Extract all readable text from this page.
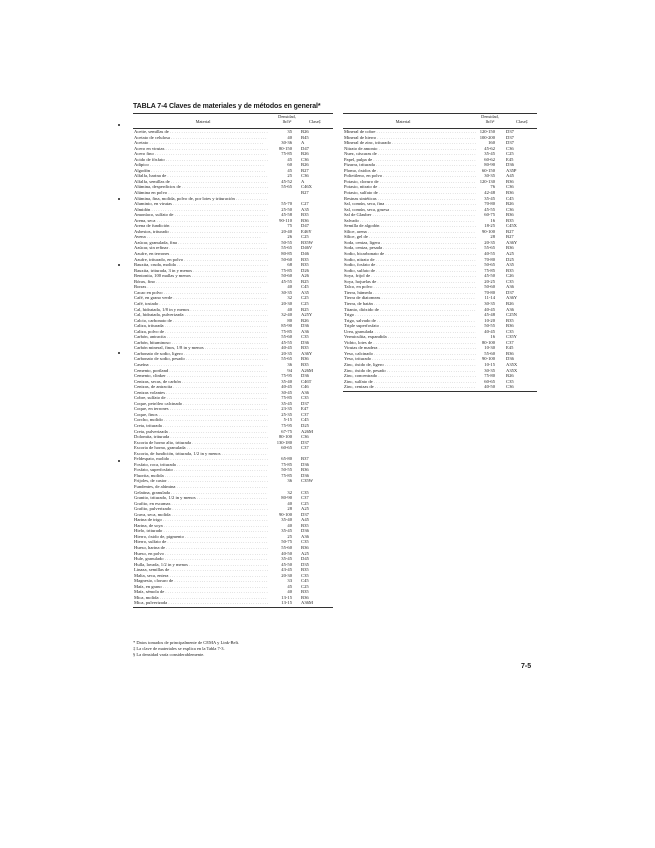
TABLA 7-4 Claves de materiales y de métodos en general*
Material
Densidad, lb/ft³	Clase‡
Aceite, semillas de . . .	35 B26
Acetato de celulosa . . .	40 B45
Acetato . . .	30-36 A
Acero en virutas . . .	80-150 D47
Acero fino . . .	75-85 B26
Acido de fósfato . . .	45 C36
Adipico . . .	60 B26
Algodón . . .	45 B27
Alfalfa, harina de . . .	25 C36
Alfalfa, semillas de . . .	45-52 A
Alúmina, desperdicios de . . .	55-65 C46X
Alúmina en polvo . . .	B27
Alúmina, fina, molida, polvo de, por lotes y trituración . . .
Aluminio, en virutas . . .	55-70 C27
Almidón . . .	25-50 A35
Amoníaco, sulfato de . . .	45-58 B35
Arena, seca . . .	90-110 B36
Arena de fundición . . .	75 D47
Asbestos, triturado . . .	20-40 E46Y
Avena . . .	26 C25
Azúcar, granulada, fina . . .	50-55 B35W
Azúcar, sin refinar . . .	55-65 D46V
Azufre, en terrones . . .	80-85 D46
Azufre, triturado, en polvo . . .	50-60 B35
Bauxita, cruda, molida . . .	68 B35
Bauxita, triturada, 3 in y menos . . .	75-85 D26
Bentonita, 100 mallas y menos . . .	50-60 A26
Bórax, fino . . .	45-55 B25
Borras . . .	40 C45
Cacao en polvo . . .	30-35 A35
Café, en grano verde . . .	32 C25
Café, tostado . . .	20-30 C25
Cal, hidratada, 1/8 in y menos . . .	40 B25
Cal, hidratada, pulverizada . . .	32-40 A25Y
Calcio, carbonato de . . .	80 B26
Caliza, triturada . . .	85-90 D36
Caliza, polvo de . . .	75-85 A36
Carbón, antracita . . .	55-60 C35
Carbón, bituminoso . . .	45-55 D36
Carbón mineral, finos, 1/8 in y menos . . .	40-45 B35
Carbonato de sodio, ligero . . .	20-35 A36Y
Carbonato de sodio, pesado . . .	55-65 B36
Caseína . . .	36 B35
Cemento, portland . . .	94 A26M
Cemento, clinker . . .	75-95 D36
Cenizas, secas, de carbón . . .	35-40 C46T
Cenizas, de antracita . . .	40-45 C46
Cenizas volantes . . .	30-45 A36
Cobre, sulfato de . . .	75-85 C35
Coque, petróleo calcinado . . .	35-45 D37
Coque, en terrones . . .	23-35 E47
Coque, finos . . .	25-35 C37
Corcho, molido . . .	5-15 C45
Creta, triturada . . .	75-95 D25
Creta, pulverizada . . .	67-75 A26M
Dolomita, triturada . . .	80-100 C36
Escoria de horno alto, triturada . . .	130-180 D37
Escoria de horno, granulada . . .	60-65 C37
Escoria, de fundición, triturada, 1/2 in y menos . . .
Feldespato, molido . . .	65-80 B37
Fosfato, roca, triturada . . .	75-85 D36
Fosfato, superfosfato . . .	50-55 B36
Fluorita, molida . . .	75-85 D36
Frijoles, de castor . . .	36 C35W
Fundentes, de alúmina . . .
Gelatina, granulada . . .	32 C35
Granito, triturado, 1/2 in y menos . . .	80-90 C37
Grafito, en escamas . . .	40 C25
Grafito, pulverizado . . .	28 A25
Grava, seca, molida . . .	90-100 D37
Harina de trigo . . .	35-40 A45
Harina, de soya . . .	40 B35
Hielo, triturado . . .	35-45 D36
Hierro, óxido de, pigmento . . .	25 A36
Hierro, sulfato de . . .	50-75 C35
Hueso, harina de . . .	55-60 B36
Hueso, en polvo . . .	40-50 A25
Hule, granulado . . .	35-45 D45
Hulla, lavada, 1/2 in y menos . . .	45-50 D35
Linaza, semillas de . . .	43-45 B35
Malta, seca, entera . . .	20-30 C35
Magnesio, cloruro de . . .	33 C45
Maíz, en grano . . .	45 C25
Maíz, sémola de . . .	40 B35
Mica, molida . . .	13-15 B36
Mica, pulverizada . . .	13-15 A36M
Material
Densidad, lb/ft³	Clase‡
Mineral de cobre . . .	120-150 D37
Mineral de hierro . . .	100-200 D37
Mineral de zinc, triturado . . .	160 D37
Nitrato de amonio . . .	45-62 C36
Nuez, cáscaras de . . .	35-45 C25
Papel, pulpa de . . .	60-62 E45
Pizarra, triturada . . .	80-90 D36
Plomo, óxidos de . . .	60-150 A35P
Polietileno, en polvo . . .	30-35 A45
Potasio, cloruro de . . .	120-130 B36
Potasio, nitrato de . . .	76 C36
Potasio, sulfato de . . .	42-48 B36
Resinas sintéticas . . .	35-45 C45
Sal, común, seca, fina . . .	70-80 B26
Sal, común, seca, gruesa . . .	45-55 C36
Sal de Glauber . . .	60-75 B36
Salvado . . .	16 B35
Semilla de algodón . . .	18-25 C45X
Sílice, arena . . .	90-100 B27
Sílice, gel de . . .	28 B27
Soda, ceniza, ligera . . .	20-35 A36Y
Soda, ceniza, pesada . . .	55-65 B36
Sodio, bicarbonato de . . .	40-55 A25
Sodio, nitrato de . . .	70-80 D25
Sodio, fosfato de . . .	50-65 A35
Sodio, sulfato de . . .	75-85 B35
Soya, frijol de . . .	45-50 C26
Soya, hojuelas de . . .	20-25 C35
Talco, en polvo . . .	50-60 A36
Tierra, húmeda . . .	70-80 D37
Tierra de diatomeas . . .	11-14 A36Y
Tierra, de batán . . .	30-35 B26
Titanio, dióxido de . . .	40-45 A36
Trigo . . .	45-48 C25N
Trigo, salvado de . . .	10-20 B35
Triple superfosfato . . .	50-55 B36
Urea, granulada . . .	40-45 C35
Vermiculita, expandida . . .	16 C35Y
Vidrio, lotes de . . .	80-100 C37
Virutas de madera . . .	10-30 E45
Yeso, calcinado . . .	55-60 B36
Yeso, triturado . . .	90-100 D36
Zinc, óxido de, ligero . . .	10-15 A35X
Zinc, óxido de, pesado . . .	30-35 A35X
Zinc, concentrado . . .	75-80 B26
Zinc, sulfato de . . .	60-65 C35
Zinc, cenizas de . . .	40-50 C36
* Datos tomados de principalmente de CEMA y Link-Belt.
‡ La clave de materiales se explica en la Tabla 7-3.
§ La densidad varía considerablemente.
7-5
